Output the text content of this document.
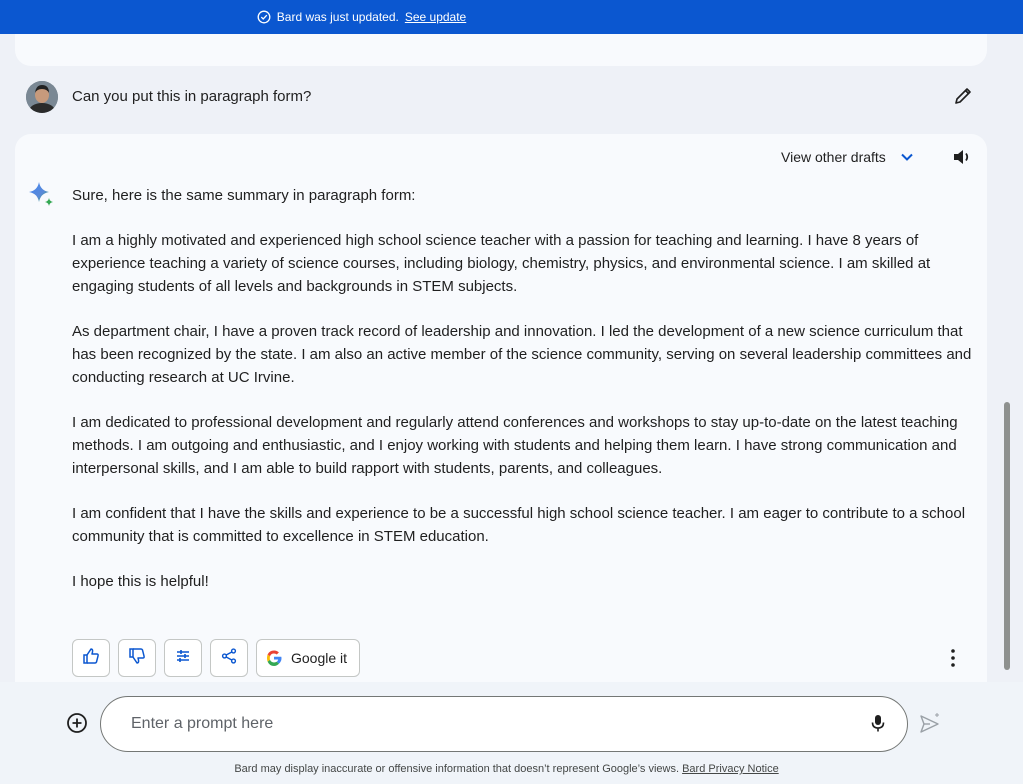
Bard was just updated. See update
Can you put this in paragraph form?
View other drafts

Sure, here is the same summary in paragraph form:

I am a highly motivated and experienced high school science teacher with a passion for teaching and learning. I have 8 years of experience teaching a variety of science courses, including biology, chemistry, physics, and environmental science. I am skilled at engaging students of all levels and backgrounds in STEM subjects.

As department chair, I have a proven track record of leadership and innovation. I led the development of a new science curriculum that has been recognized by the state. I am also an active member of the science community, serving on several leadership committees and conducting research at UC Irvine.

I am dedicated to professional development and regularly attend conferences and workshops to stay up-to-date on the latest teaching methods. I am outgoing and enthusiastic, and I enjoy working with students and helping them learn. I have strong communication and interpersonal skills, and I am able to build rapport with students, parents, and colleagues.

I am confident that I have the skills and experience to be a successful high school science teacher. I am eager to contribute to a school community that is committed to excellence in STEM education.

I hope this is helpful!

Google it
Enter a prompt here
Bard may display inaccurate or offensive information that doesn’t represent Google’s views. Bard Privacy Notice
